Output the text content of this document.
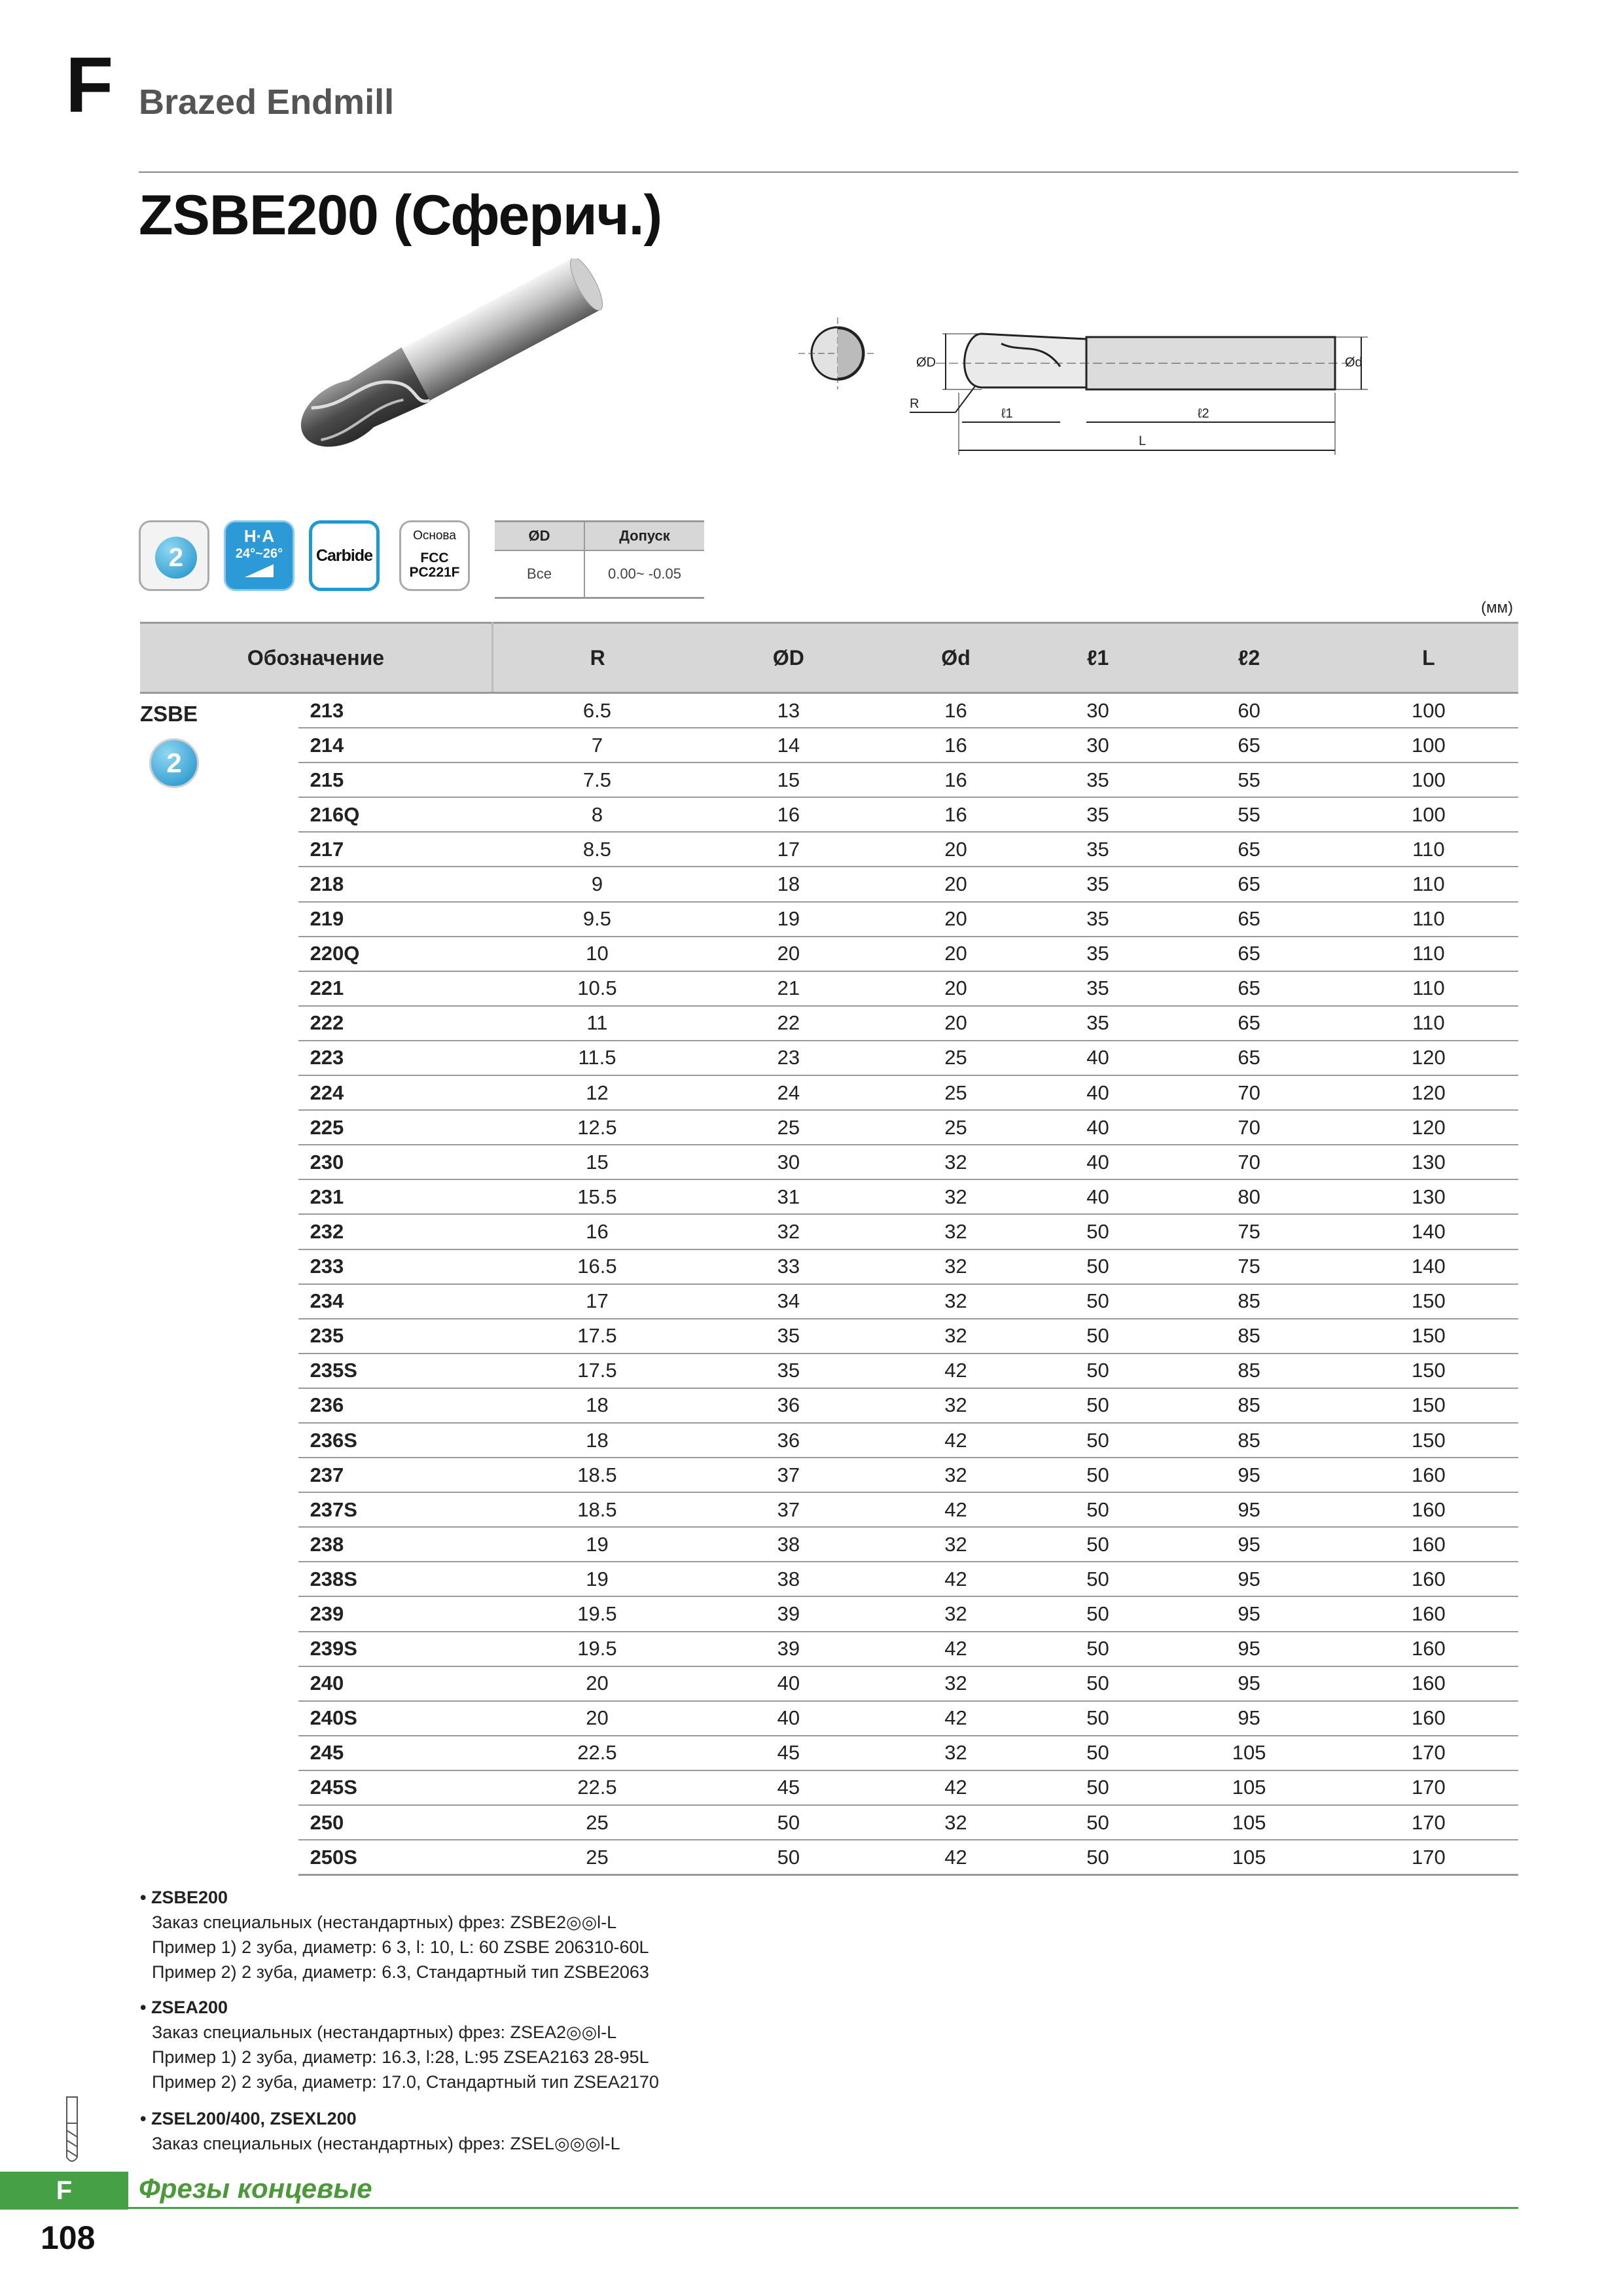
F Brazed Endmill
ZSBE200 (Сферич.)
ØD	Ød
R
ℓ1	ℓ2
L
2
H·A
24°~26°	Carbide
Основа
FCC
PC221F
ØD	Допуск
Все	0.00~ -0.05
(мм)
Обозначение		R	ØD	Ød	ℓ1	ℓ2	L

ZSBE
2	213	6.5	13	16	30	60	100
	214	7	14	16	30	65	100
	215	7.5	15	16	35	55	100
	216Q	8	16	16	35	55	100
	217	8.5	17	20	35	65	110
	218	9	18	20	35	65	110
	219	9.5	19	20	35	65	110
	220Q	10	20	20	35	65	110
	221	10.5	21	20	35	65	110
	222	11	22	20	35	65	110
	223	11.5	23	25	40	65	120
	224	12	24	25	40	70	120
	225	12.5	25	25	40	70	120
	230	15	30	32	40	70	130
	231	15.5	31	32	40	80	130
	232	16	32	32	50	75	140
	233	16.5	33	32	50	75	140
	234	17	34	32	50	85	150
	235	17.5	35	32	50	85	150
	235S	17.5	35	42	50	85	150
	236	18	36	32	50	85	150
	236S	18	36	42	50	85	150
	237	18.5	37	32	50	95	160
	237S	18.5	37	42	50	95	160
	238	19	38	32	50	95	160
	238S	19	38	42	50	95	160
	239	19.5	39	32	50	95	160
	239S	19.5	39	42	50	95	160
	240	20	40	32	50	95	160
	240S	20	40	42	50	95	160
	245	22.5	45	32	50	105	170
	245S	22.5	45	42	50	105	170
	250	25	50	32	50	105	170
	250S	25	50	42	50	105	170
• ZSBE200
Заказ специальных (нестандартных) фрез: ZSBE2◎◎l-L
Пример 1) 2 зуба, диаметр: 6 3, l: 10, L: 60 ZSBE 206310-60L
Пример 2) 2 зуба, диаметр: 6.3, Стандартный тип ZSBE2063
• ZSEA200
Заказ специальных (нестандартных) фрез: ZSEA2◎◎l-L
Пример 1) 2 зуба, диаметр: 16.3, l:28, L:95 ZSEA2163 28-95L
Пример 2) 2 зуба, диаметр: 17.0, Стандартный тип ZSEA2170
• ZSEL200/400, ZSEXL200
Заказ специальных (нестандартных) фрез: ZSEL◎◎◎l-L
F	Фрезы концевые
108
